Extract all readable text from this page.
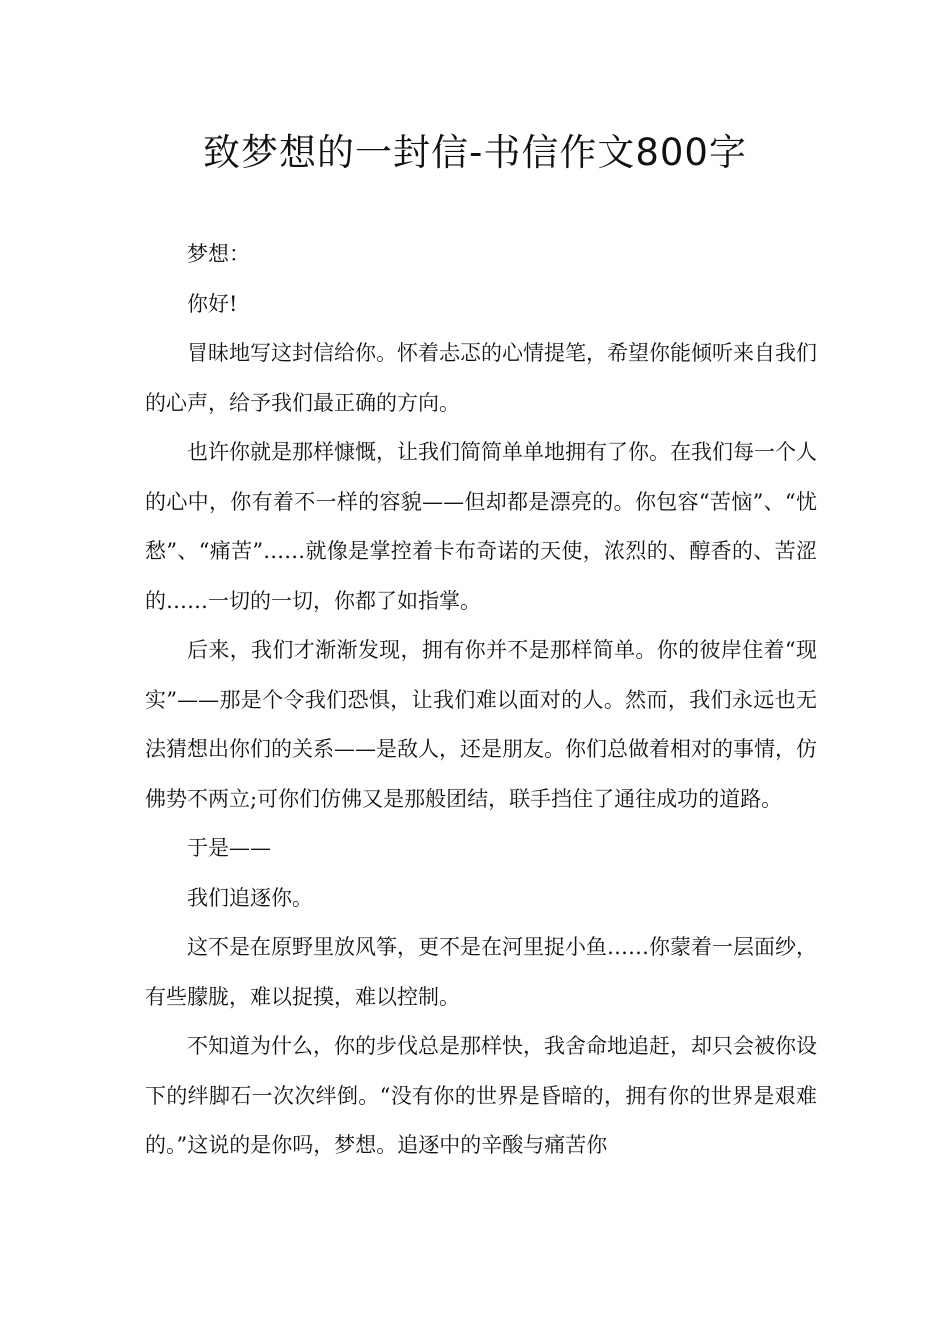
致梦想的一封信-书信作文800字

梦想：

你好!

冒昧地写这封信给你。怀着忐忑的心情提笔，希望你能倾听来自我们的心声，给予我们最正确的方向。

也许你就是那样慷慨，让我们简简单单地拥有了你。在我们每一个人的心中，你有着不一样的容貌——但却都是漂亮的。你包容“苦恼”、“忧愁”、“痛苦”……就像是掌控着卡布奇诺的天使，浓烈的、醇香的、苦涩的……一切的一切，你都了如指掌。

后来，我们才渐渐发现，拥有你并不是那样简单。你的彼岸住着“现实”——那是个令我们恐惧，让我们难以面对的人。然而，我们永远也无法猜想出你们的关系——是敌人，还是朋友。你们总做着相对的事情，仿佛势不两立;可你们仿佛又是那般团结，联手挡住了通往成功的道路。

于是——

我们追逐你。

这不是在原野里放风筝，更不是在河里捉小鱼……你蒙着一层面纱，有些朦胧，难以捉摸，难以控制。

不知道为什么，你的步伐总是那样快，我舍命地追赶，却只会被你设下的绊脚石一次次绊倒。“没有你的世界是昏暗的，拥有你的世界是艰难的。”这说的是你吗，梦想。追逐中的辛酸与痛苦你
